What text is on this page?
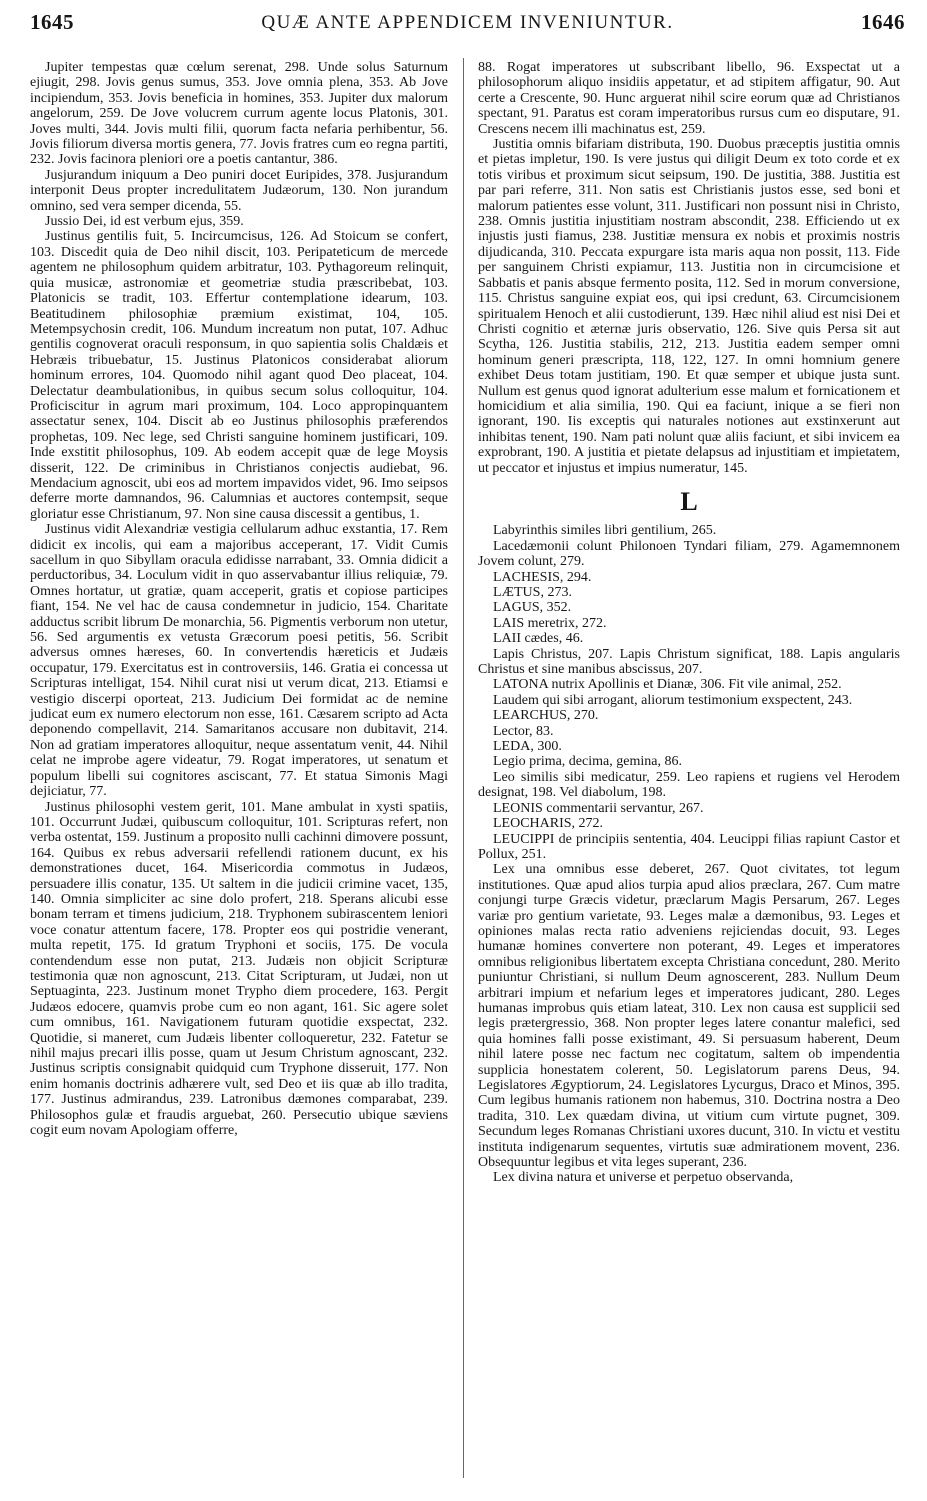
1645	QUÆ ANTE APPENDICEM INVENIUNTUR.	1646

Jupiter tempestas quæ cœlum serenat, 298. Unde solus Saturnum ejiugit, 298. Jovis genus sumus, 353. Jove omnia plena, 353. Ab Jove incipiendum, 353. Jovis beneficia in homines, 353. Jupiter dux malorum angelorum, 259. De Jove volucrem currum agente locus Platonis, 301. Joves multi, 344. Jovis multi filii, quorum facta nefaria perhibentur, 56. Jovis filiorum diversa mortis genera, 77. Jovis fratres cum eo regna partiti, 232. Jovis facinora pleniori ore a poetis cantantur, 386.

Jusjurandum iniquum a Deo puniri docet Euripides, 378. Jusjurandum interponit Deus propter incredulitatem Judæorum, 130. Non jurandum omnino, sed vera semper dicenda, 55.

Jussio Dei, id est verbum ejus, 359.

Justinus gentilis fuit, 5. Incircumcisus, 126. Ad Stoicum se confert, 103. Discedit quia de Deo nihil discit, 103. Peripateticum de mercede agentem ne philosophum quidem arbitratur, 103. Pythagoreum relinquit, quia musicæ, astronomiæ et geometriæ studia præscribebat, 103. Platonicis se tradit, 103. Effertur contemplatione idearum, 103. Beatitudinem philosophiæ præmium existimat, 104, 105. Metempsychosin credit, 106. Mundum increatum non putat, 107. Adhuc gentilis cognoverat oraculi responsum, in quo sapientia solis Chaldæis et Hebræis tribuebatur, 15. Justinus Platonicos considerabat aliorum hominum errores, 104. Quomodo nihil agant quod Deo placeat, 104. Delectatur deambulationibus, in quibus secum solus colloquitur, 104. Proficiscitur in agrum mari proximum, 104. Loco appropinquantem assectatur senex, 104. Discit ab eo Justinus philosophis præferendos prophetas, 109. Nec lege, sed Christi sanguine hominem justificari, 109. Inde exstitit philosophus, 109. Ab eodem accepit quæ de lege Moysis disserit, 122. De criminibus in Christianos conjectis audiebat, 96. Mendacium agnoscit, ubi eos ad mortem impavidos videt, 96. Imo seipsos deferre morte damnandos, 96. Calumnias et auctores contempsit, seque gloriatur esse Christianum, 97. Non sine causa discessit a gentibus, 1.

Justinus vidit Alexandriæ vestigia cellularum adhuc exstantia, 17. Rem didicit ex incolis, qui eam a majoribus acceperant, 17. Vidit Cumis sacellum in quo Sibyllam oracula edidisse narrabant, 33. Omnia didicit a perductoribus, 34. Loculum vidit in quo asservabantur illius reliquiæ, 79. Omnes hortatur, ut gratiæ, quam acceperit, gratis et copiose participes fiant, 154. Ne vel hac de causa condemnetur in judicio, 154. Charitate adductus scribit librum De monarchia, 56. Pigmentis verborum non utetur, 56. Sed argumentis ex vetusta Græcorum poesi petitis, 56. Scribit adversus omnes hæreses, 60. In convertendis hæreticis et Judæis occupatur, 179. Exercitatus est in controversiis, 146. Gratia ei concessa ut Scripturas intelligat, 154. Nihil curat nisi ut verum dicat, 213. Etiamsi e vestigio discerpi oporteat, 213. Judicium Dei formidat ac de nemine judicat eum ex numero electorum non esse, 161. Cæsarem scripto ad Acta deponendo compellavit, 214. Samaritanos accusare non dubitavit, 214. Non ad gratiam imperatores alloquitur, neque assentatum venit, 44. Nihil celat ne improbe agere videatur, 79. Rogat imperatores, ut senatum et populum libelli sui cognitores asciscant, 77. Et statua Simonis Magi dejiciatur, 77.

Justinus philosophi vestem gerit, 101. Mane ambulat in xysti spatiis, 101. Occurrunt Judæi, quibuscum colloquitur, 101. Scripturas refert, non verba ostentat, 159. Justinum a proposito nulli cachinni dimovere possunt, 164. Quibus ex rebus adversarii refellendi rationem ducunt, ex his demonstrationes ducet, 164. Misericordia commotus in Judæos, persuadere illis conatur, 135. Ut saltem in die judicii crimine vacet, 135, 140. Omnia simpliciter ac sine dolo profert, 218. Sperans alicubi esse bonam terram et timens judicium, 218. Tryphonem subirascentem leniori voce conatur attentum facere, 178. Propter eos qui postridie venerant, multa repetit, 175. Id gratum Tryphoni et sociis, 175. De vocula contendendum esse non putat, 213. Judæis non objicit Scripturæ testimonia quæ non agnoscunt, 213. Citat Scripturam, ut Judæi, non ut Septuaginta, 223. Justinum monet Trypho diem procedere, 163. Pergit Judæos edocere, quamvis probe cum eo non agant, 161. Sic agere solet cum omnibus, 161. Navigationem futuram quotidie exspectat, 232. Quotidie, si maneret, cum Judæis libenter colloqueretur, 232. Fatetur se nihil majus precari illis posse, quam ut Jesum Christum agnoscant, 232. Justinus scriptis consignabit quidquid cum Tryphone disseruit, 177. Non enim homanis doctrinis adhærere vult, sed Deo et iis quæ ab illo tradita, 177. Justinus admirandus, 239. Latronibus dæmones comparabat, 239. Philosophos gulæ et fraudis arguebat, 260. Persecutio ubique sæviens cogit eum novam Apologiam offerre,

88. Rogat imperatores ut subscribant libello, 96. Exspectat ut a philosophorum aliquo insidiis appetatur, et ad stipitem affigatur, 90. Aut certe a Crescente, 90. Hunc arguerat nihil scire eorum quæ ad Christianos spectant, 91. Paratus est coram imperatoribus rursus cum eo disputare, 91. Crescens necem illi machinatus est, 259.

Justitia omnis bifariam distributa, 190. Duobus præceptis justitia omnis et pietas impletur, 190. Is vere justus qui diligit Deum ex toto corde et ex totis viribus et proximum sicut seipsum, 190. De justitia, 388. Justitia est par pari referre, 311. Non satis est Christianis justos esse, sed boni et malorum patientes esse volunt, 311. Justificari non possunt nisi in Christo, 238. Omnis justitia injustitiam nostram abscondit, 238. Efficiendo ut ex injustis justi fiamus, 238. Justitiæ mensura ex nobis et proximis nostris dijudicanda, 310. Peccata expurgare ista maris aqua non possit, 113. Fide per sanguinem Christi expiamur, 113. Justitia non in circumcisione et Sabbatis et panis absque fermento posita, 112. Sed in morum conversione, 115. Christus sanguine expiat eos, qui ipsi credunt, 63. Circumcisionem spiritualem Henoch et alii custodierunt, 139. Hæc nihil aliud est nisi Dei et Christi cognitio et æternæ juris observatio, 126. Sive quis Persa sit aut Scytha, 126. Justitia stabilis, 212, 213. Justitia eadem semper omni hominum generi præscripta, 118, 122, 127. In omni homnium genere exhibet Deus totam justitiam, 190. Et quæ semper et ubique justa sunt. Nullum est genus quod ignorat adulterium esse malum et fornicationem et homicidium et alia similia, 190. Qui ea faciunt, inique a se fieri non ignorant, 190. Iis exceptis qui naturales notiones aut exstinxerunt aut inhibitas tenent, 190. Nam pati nolunt quæ aliis faciunt, et sibi invicem ea exprobrant, 190. A justitia et pietate delapsus ad injustitiam et impietatem, ut peccator et injustus et impius numeratur, 145.

L

Labyrinthis similes libri gentilium, 265.

Lacedæmonii colunt Philonoen Tyndari filiam, 279. Agamemnonem Jovem colunt, 279.

LACHESIS, 294.

LÆTUS, 273.

LAGUS, 352.

LAIS meretrix, 272.

LAII cædes, 46.

Lapis Christus, 207. Lapis Christum significat, 188. Lapis angularis Christus et sine manibus abscissus, 207.

LATONA nutrix Apollinis et Dianæ, 306. Fit vile animal, 252.

Laudem qui sibi arrogant, aliorum testimonium exspectent, 243.

LEARCHUS, 270.

Lector, 83.

LEDA, 300.

Legio prima, decima, gemina, 86.

Leo similis sibi medicatur, 259. Leo rapiens et rugiens vel Herodem designat, 198. Vel diabolum, 198.

LEONIS commentarii servantur, 267.

LEOCHARIS, 272.

LEUCIPPI de principiis sententia, 404. Leucippi filias rapiunt Castor et Pollux, 251.

Lex una omnibus esse deberet, 267. Quot civitates, tot legum institutiones. Quæ apud alios turpia apud alios præclara, 267. Cum matre conjungi turpe Græcis videtur, præclarum Magis Persarum, 267. Leges variæ pro gentium varietate, 93. Leges malæ a dæmonibus, 93. Leges et opiniones malas recta ratio adveniens rejiciendas docuit, 93. Leges humanæ homines convertere non poterant, 49. Leges et imperatores omnibus religionibus libertatem excepta Christiana concedunt, 280. Merito puniuntur Christiani, si nullum Deum agnoscerent, 283. Nullum Deum arbitrari impium et nefarium leges et imperatores judicant, 280. Leges humanas improbus quis etiam lateat, 310. Lex non causa est supplicii sed legis prætergressio, 368. Non propter leges latere conantur malefici, sed quia homines falli posse existimant, 49. Si persuasum haberent, Deum nihil latere posse nec factum nec cogitatum, saltem ob impendentia supplicia honestatem colerent, 50. Legislatorum parens Deus, 94. Legislatores Ægyptiorum, 24. Legislatores Lycurgus, Draco et Minos, 395. Cum legibus humanis rationem non habemus, 310. Doctrina nostra a Deo tradita, 310. Lex quædam divina, ut vitium cum virtute pugnet, 309. Secundum leges Romanas Christiani uxores ducunt, 310. In victu et vestitu instituta indigenarum sequentes, virtutis suæ admirationem movent, 236. Obsequuntur legibus et vita leges superant, 236.

Lex divina natura et universe et perpetuo observanda,
